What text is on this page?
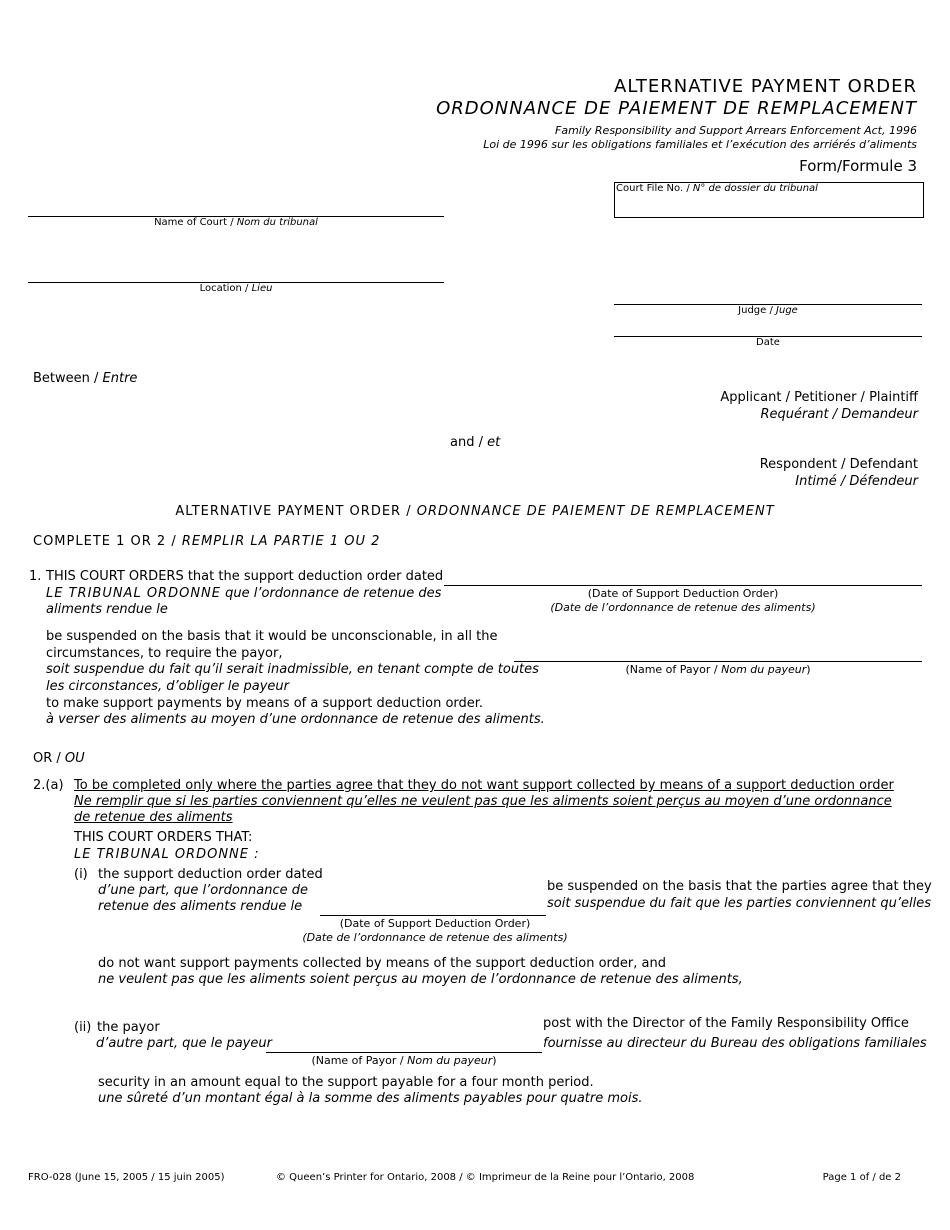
ALTERNATIVE PAYMENT ORDER
ORDONNANCE DE PAIEMENT DE REMPLACEMENT
Family Responsibility and Support Arrears Enforcement Act, 1996
Loi de 1996 sur les obligations familiales et l’exécution des arriérés d’aliments
Form/Formule 3
Court File No. / N° de dossier du tribunal
Name of Court / Nom du tribunal
Location / Lieu
Judge / Juge
Date
Between / Entre
Applicant / Petitioner / Plaintiff
Requérant / Demandeur
and / et
Respondent / Defendant
Intimé / Défendeur
ALTERNATIVE PAYMENT ORDER / ORDONNANCE DE PAIEMENT DE REMPLACEMENT
COMPLETE 1 OR 2 / REMPLIR LA PARTIE 1 OU 2
1. THIS COURT ORDERS that the support deduction order dated
LE TRIBUNAL ORDONNE que l’ordonnance de retenue des
aliments rendue le
(Date of Support Deduction Order)
(Date de l’ordonnance de retenue des aliments)
be suspended on the basis that it would be unconscionable, in all the
circumstances, to require the payor,
soit suspendue du fait qu’il serait inadmissible, en tenant compte de toutes
les circonstances, d’obliger le payeur
(Name of Payor / Nom du payeur)
to make support payments by means of a support deduction order.
à verser des aliments au moyen d’une ordonnance de retenue des aliments.
OR / OU
2.(a) To be completed only where the parties agree that they do not want support collected by means of a support deduction order
Ne remplir que si les parties conviennent qu’elles ne veulent pas que les aliments soient perçus au moyen d’une ordonnance
de retenue des aliments
THIS COURT ORDERS THAT:
LE TRIBUNAL ORDONNE :
(i) the support deduction order dated
d’une part, que l’ordonnance de
retenue des aliments rendue le
(Date of Support Deduction Order)
(Date de l’ordonnance de retenue des aliments)
be suspended on the basis that the parties agree that they
soit suspendue du fait que les parties conviennent qu’elles
do not want support payments collected by means of the support deduction order, and
ne veulent pas que les aliments soient perçus au moyen de l’ordonnance de retenue des aliments,
(ii) the payor
d’autre part, que le payeur
(Name of Payor / Nom du payeur)
post with the Director of the Family Responsibility Office
fournisse au directeur du Bureau des obligations familiales
security in an amount equal to the support payable for a four month period.
une sûreté d’un montant égal à la somme des aliments payables pour quatre mois.
FRO-028 (June 15, 2005 / 15 juin 2005)	© Queen’s Printer for Ontario, 2008 / © Imprimeur de la Reine pour l’Ontario, 2008	Page 1 of / de 2
